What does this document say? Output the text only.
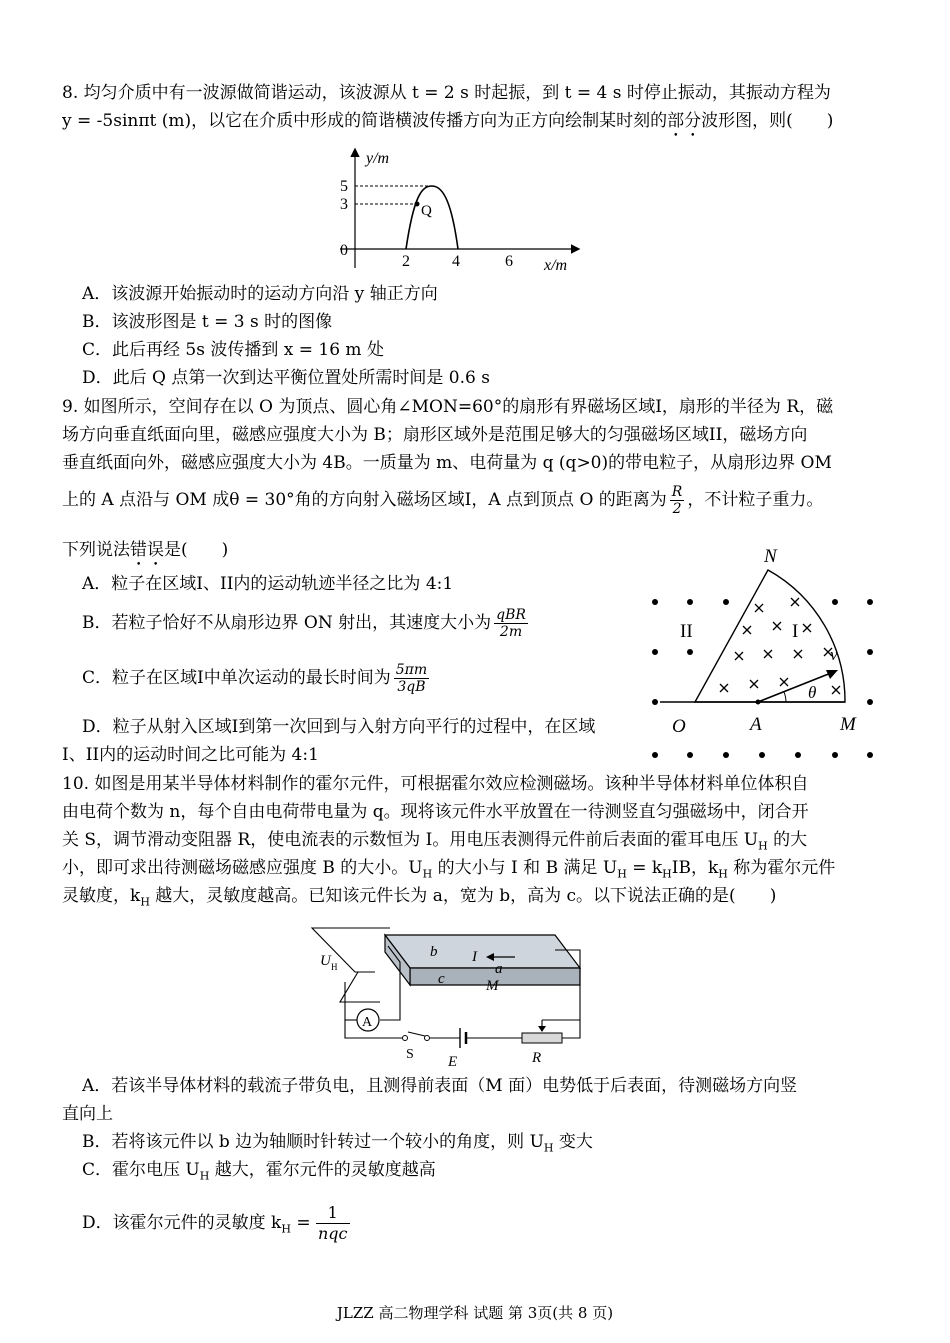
8. 均匀介质中有一波源做简谐运动，该波源从 t = 2 s 时起振，到 t = 4 s 时停止振动，其振动方程为
y = -5sinπt (m)，以它在介质中形成的简谐横波传播方向为正方向绘制某时刻的部分波形图，则(　　)
y/m
x/m
5
3
0
2	4	6
Q
A．该波源开始振动时的运动方向沿 y 轴正方向
B．该波形图是 t = 3 s 时的图像
C．此后再经 5s 波传播到 x = 16 m 处
D．此后 Q 点第一次到达平衡位置处所需时间是 0.6 s
9. 如图所示，空间存在以 O 为顶点、圆心角∠MON=60°的扇形有界磁场区域I，扇形的半径为 R，磁
场方向垂直纸面向里，磁感应强度大小为 B；扇形区域外是范围足够大的匀强磁场区域II，磁场方向
垂直纸面向外，磁感应强度大小为 4B。一质量为 m、电荷量为 q (q>0)的带电粒子，从扇形边界 OM
上的 A 点沿与 OM 成θ = 30°角的方向射入磁场区域I，A 点到顶点 O 的距离为 $\frac{R}{2}$ ，不计粒子重力。
下列说法错误是(　　)
A．粒子在区域I、II内的运动轨迹半径之比为 4:1
B．若粒子恰好不从扇形边界 ON 射出，其速度大小为 $\frac{\text{qBR}}{2m}$
C．粒子在区域I中单次运动的最长时间为 $\frac{5\pi m}{3qB}$
D．粒子从射入区域I到第一次回到与入射方向平行的过程中，在区域
I、II内的运动时间之比可能为 4:1
N
O	A	M
I
II
v
θ
10. 如图是用某半导体材料制作的霍尔元件，可根据霍尔效应检测磁场。该种半导体材料单位体积自
由电荷个数为 n，每个自由电荷带电量为 q。现将该元件水平放置在一待测竖直匀强磁场中，闭合开
关 S，调节滑动变阻器 R，使电流表的示数恒为 I。用电压表测得元件前后表面的霍耳电压 $U_H$ 的大
小，即可求出待测磁场磁感应强度 B 的大小。$U_H$ 的大小与 I 和 B 满足 $U_H = k_HIB$，$k_H$ 称为霍尔元件
灵敏度，$k_H$ 越大，灵敏度越高。已知该元件长为 a，宽为 b，高为 c。以下说法正确的是(　　)
A
U H
b I
a
c	M
S E	R
A．若该半导体材料的载流子带负电，且测得前表面（M 面）电势低于后表面，待测磁场方向竖
直向上
B．若将该元件以 b 边为轴顺时针转过一个较小的角度，则 $U_H$ 变大
C．霍尔电压 $U_H$ 越大，霍尔元件的灵敏度越高
D．该霍尔元件的灵敏度 $k_H = \frac{1}{\text{nqc}}$
JLZZ 高二物理学科 试题 第 3页(共 8 页)
